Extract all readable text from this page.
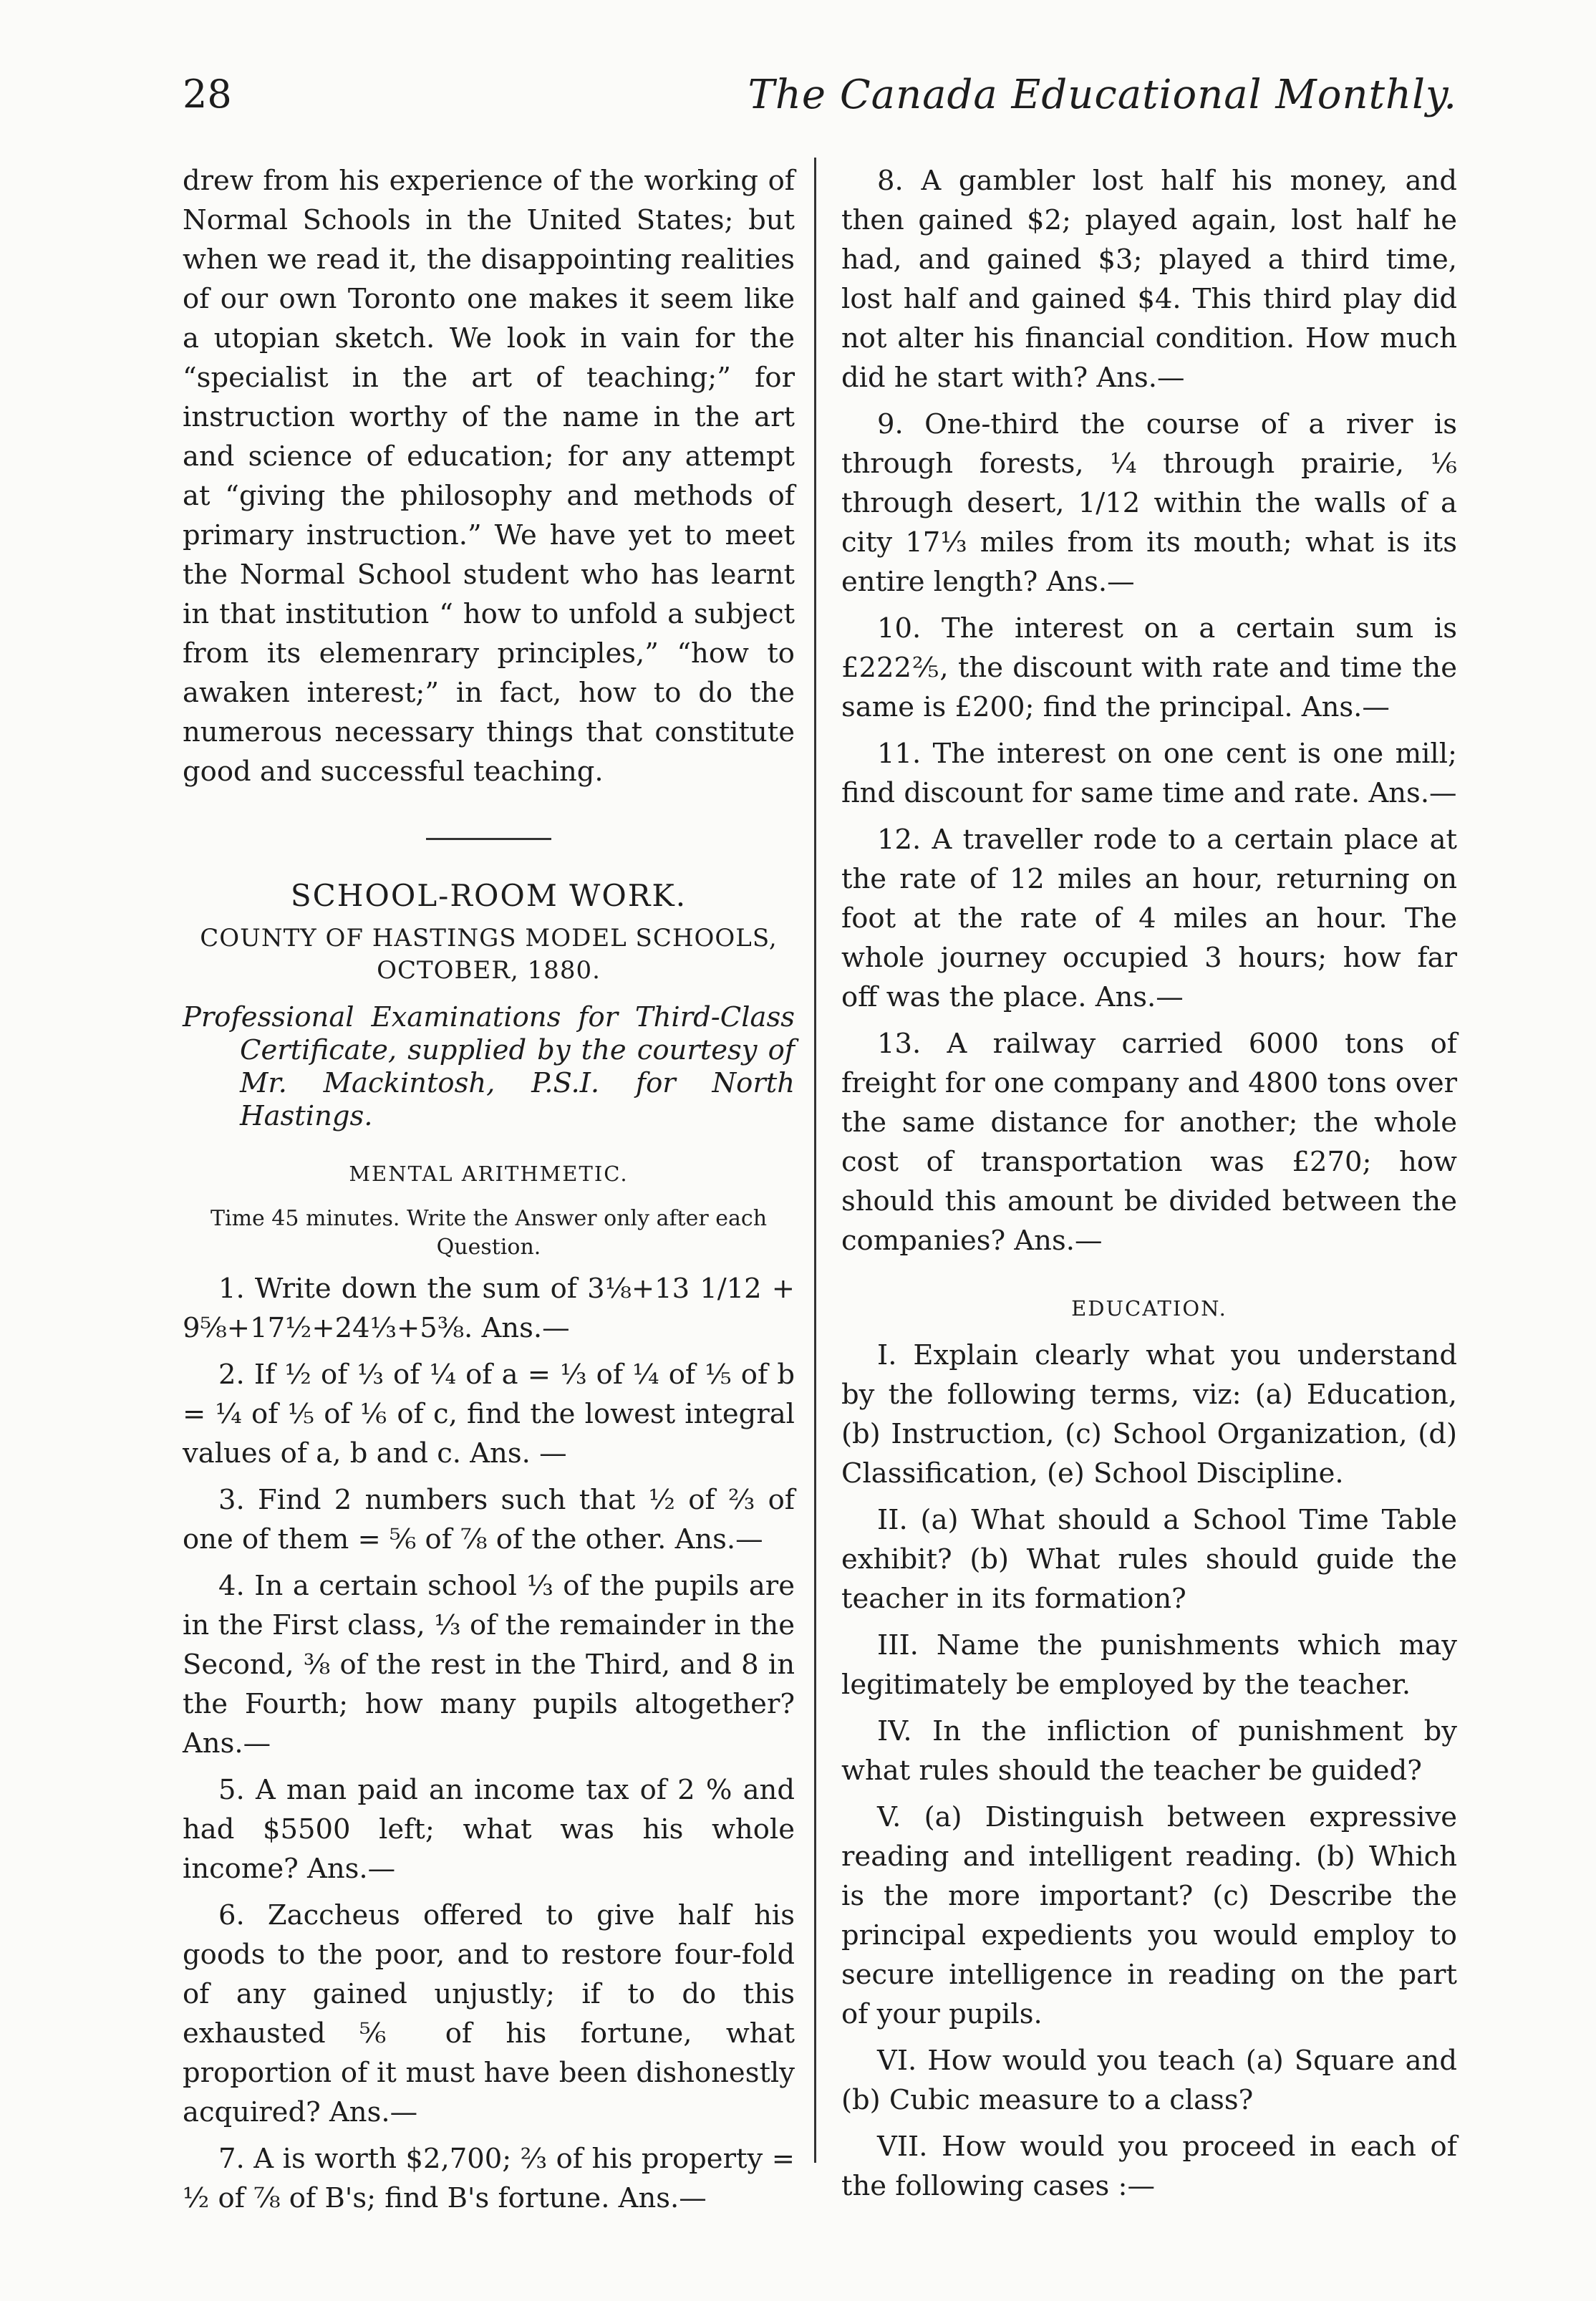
28	The Canada Educational Monthly.

drew from his experience of the working of Normal Schools in the United States; but when we read it, the disappointing realities of our own Toronto one makes it seem like a utopian sketch. We look in vain for the “specialist in the art of teaching;” for instruction worthy of the name in the art and science of education; for any attempt at “giving the philosophy and methods of primary instruction.” We have yet to meet the Normal School student who has learnt in that institution “ how to unfold a subject from its elemenrary principles,” “how to awaken interest;” in fact, how to do the numerous necessary things that constitute good and successful teaching.

SCHOOL-ROOM WORK.
COUNTY OF HASTINGS MODEL SCHOOLS, OCTOBER, 1880.

Professional Examinations for Third-Class Certificate, supplied by the courtesy of Mr. Mackintosh, P.S.I. for North Hastings.

MENTAL ARITHMETIC.
Time 45 minutes. Write the Answer only after each Question.

1. Write down the sum of 3⅛+13 1/12 + 9⅝+17½+24⅓+5⅜. Ans.—

2. If ½ of ⅓ of ¼ of a = ⅓ of ¼ of ⅕ of b = ¼ of ⅕ of ⅙ of c, find the lowest integral values of a, b and c. Ans. —

3. Find 2 numbers such that ½ of ⅔ of one of them = ⅚ of ⅞ of the other. Ans.—

4. In a certain school ⅓ of the pupils are in the First class, ⅓ of the remainder in the Second, ⅜ of the rest in the Third, and 8 in the Fourth; how many pupils altogether? Ans.—

5. A man paid an income tax of 2 % and had $5500 left; what was his whole income? Ans.—

6. Zaccheus offered to give half his goods to the poor, and to restore four-fold of any gained unjustly; if to do this exhausted ⅚ of his fortune, what proportion of it must have been dishonestly acquired? Ans.—

7. A is worth $2,700; ⅔ of his property = ½ of ⅞ of B's; find B's fortune. Ans.—

8. A gambler lost half his money, and then gained $2; played again, lost half he had, and gained $3; played a third time, lost half and gained $4. This third play did not alter his financial condition. How much did he start with? Ans.—

9. One-third the course of a river is through forests, ¼ through prairie, ⅙ through desert, 1/12 within the walls of a city 17⅓ miles from its mouth; what is its entire length? Ans.—

10. The interest on a certain sum is £222⅖, the discount with rate and time the same is £200; find the principal. Ans.—

11. The interest on one cent is one mill; find discount for same time and rate. Ans.—

12. A traveller rode to a certain place at the rate of 12 miles an hour, returning on foot at the rate of 4 miles an hour. The whole journey occupied 3 hours; how far off was the place. Ans.—

13. A railway carried 6000 tons of freight for one company and 4800 tons over the same distance for another; the whole cost of transportation was £270; how should this amount be divided between the companies? Ans.—

EDUCATION.

I. Explain clearly what you understand by the following terms, viz: (a) Education, (b) Instruction, (c) School Organization, (d) Classification, (e) School Discipline.

II. (a) What should a School Time Table exhibit? (b) What rules should guide the teacher in its formation?

III. Name the punishments which may legitimately be employed by the teacher.

IV. In the infliction of punishment by what rules should the teacher be guided?

V. (a) Distinguish between expressive reading and intelligent reading. (b) Which is the more important? (c) Describe the principal expedients you would employ to secure intelligence in reading on the part of your pupils.

VI. How would you teach (a) Square and (b) Cubic measure to a class?

VII. How would you proceed in each of the following cases :—
